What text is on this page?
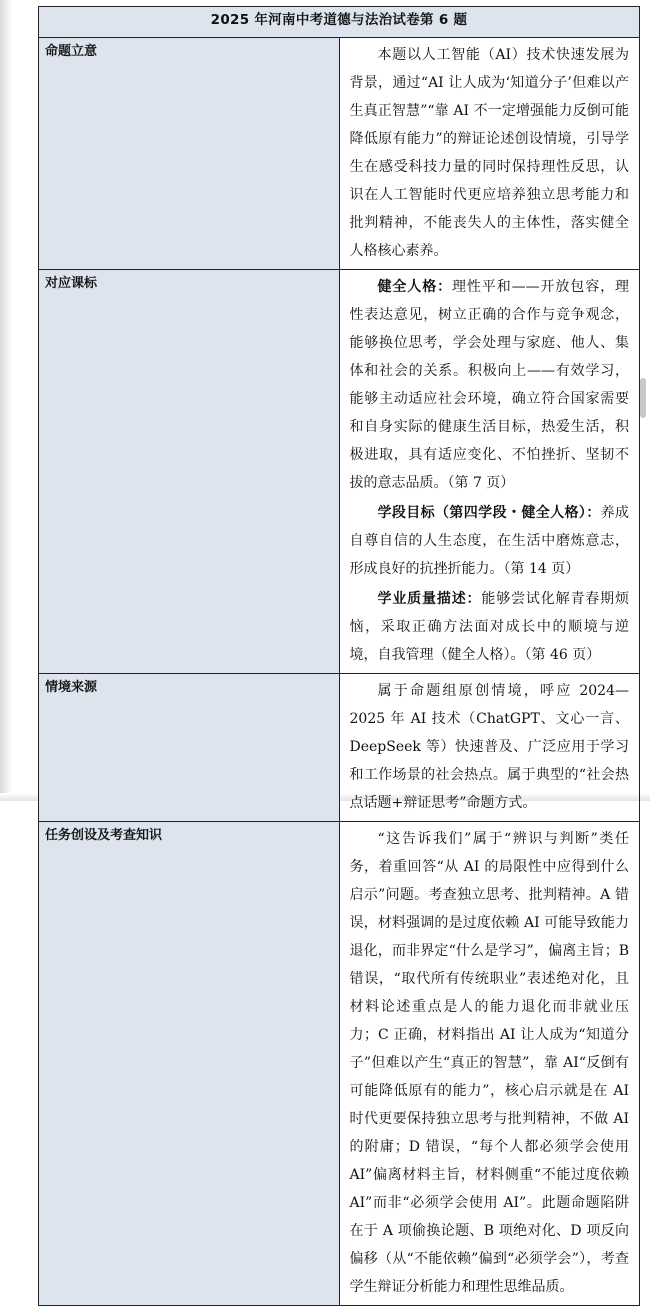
2025 年河南中考道德与法治试卷第 6 题	
命题立意	本题以人工智能（AI）技术快速发展为背景，通过“AI 让人成为‘知道分子’但难以产生真正智慧”“靠 AI 不一定增强能力反倒可能降低原有能力”的辩证论述创设情境，引导学生在感受科技力量的同时保持理性反思，认识在人工智能时代更应培养独立思考能力和批判精神，不能丧失人的主体性，落实健全人格核心素养。

对应课标	健全人格：理性平和——开放包容，理性表达意见，树立正确的合作与竞争观念，能够换位思考，学会处理与家庭、他人、集体和社会的关系。积极向上——有效学习，能够主动适应社会环境，确立符合国家需要和自身实际的健康生活目标，热爱生活，积极进取，具有适应变化、不怕挫折、坚韧不拔的意志品质。（第 7 页）

学段目标（第四学段・健全人格）：养成自尊自信的人生态度，在生活中磨炼意志，形成良好的抗挫折能力。（第 14 页）

学业质量描述：能够尝试化解青春期烦恼，采取正确方法面对成长中的顺境与逆境，自我管理（健全人格）。（第 46 页）

情境来源	属于命题组原创情境，呼应 2024—2025 年 AI 技术（ChatGPT、文心一言、DeepSeek 等）快速普及、广泛应用于学习和工作场景的社会热点。属于典型的“社会热点话题+辩证思考”命题方式。

任务创设及考查知识	“这告诉我们”属于“辨识与判断”类任务，着重回答“从 AI 的局限性中应得到什么启示”问题。考查独立思考、批判精神。A 错误，材料强调的是过度依赖 AI 可能导致能力退化，而非界定“什么是学习”，偏离主旨；B 错误，“取代所有传统职业”表述绝对化，且材料论述重点是人的能力退化而非就业压力；C 正确，材料指出 AI 让人成为“知道分子”但难以产生“真正的智慧”，靠 AI“反倒有可能降低原有的能力”，核心启示就是在 AI 时代更要保持独立思考与批判精神，不做 AI 的附庸；D 错误，“每个人都必须学会使用 AI”偏离材料主旨，材料侧重“不能过度依赖 AI”而非“必须学会使用 AI”。此题命题陷阱在于 A 项偷换论题、B 项绝对化、D 项反向偏移（从“不能依赖”偏到“必须学会”），考查学生辩证分析能力和理性思维品质。
